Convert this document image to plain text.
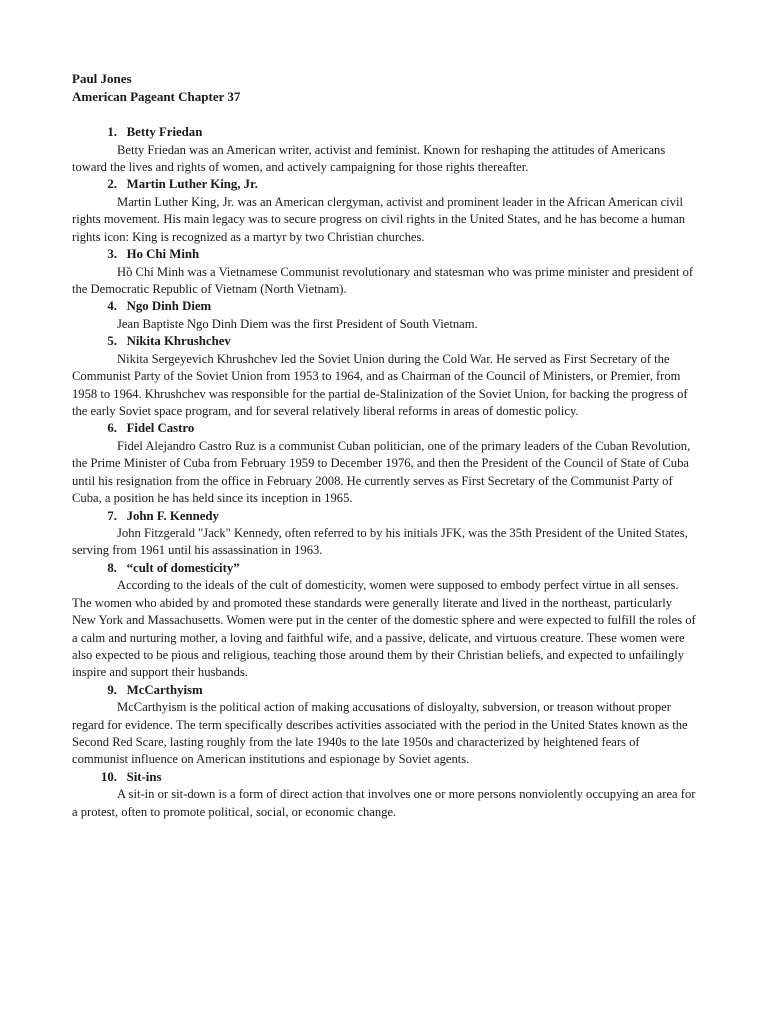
Paul Jones
American Pageant Chapter 37
1. Betty Friedan

Betty Friedan was an American writer, activist and feminist. Known for reshaping the attitudes of Americans toward the lives and rights of women, and actively campaigning for those rights thereafter.

2. Martin Luther King, Jr.

Martin Luther King, Jr. was an American clergyman, activist and prominent leader in the African American civil rights movement. His main legacy was to secure progress on civil rights in the United States, and he has become a human rights icon: King is recognized as a martyr by two Christian churches.

3. Ho Chi Minh

Hồ Chí Minh was a Vietnamese Communist revolutionary and statesman who was prime minister and president of the Democratic Republic of Vietnam (North Vietnam).

4. Ngo Dinh Diem

Jean Baptiste Ngo Dinh Diem was the first President of South Vietnam.

5. Nikita Khrushchev

Nikita Sergeyevich Khrushchev led the Soviet Union during the Cold War. He served as First Secretary of the Communist Party of the Soviet Union from 1953 to 1964, and as Chairman of the Council of Ministers, or Premier, from 1958 to 1964. Khrushchev was responsible for the partial de-Stalinization of the Soviet Union, for backing the progress of the early Soviet space program, and for several relatively liberal reforms in areas of domestic policy.

6. Fidel Castro

Fidel Alejandro Castro Ruz is a communist Cuban politician, one of the primary leaders of the Cuban Revolution, the Prime Minister of Cuba from February 1959 to December 1976, and then the President of the Council of State of Cuba until his resignation from the office in February 2008. He currently serves as First Secretary of the Communist Party of Cuba, a position he has held since its inception in 1965.

7. John F. Kennedy

John Fitzgerald "Jack" Kennedy, often referred to by his initials JFK, was the 35th President of the United States, serving from 1961 until his assassination in 1963.

8. “cult of domesticity”

According to the ideals of the cult of domesticity, women were supposed to embody perfect virtue in all senses. The women who abided by and promoted these standards were generally literate and lived in the northeast, particularly New York and Massachusetts. Women were put in the center of the domestic sphere and were expected to fulfill the roles of a calm and nurturing mother, a loving and faithful wife, and a passive, delicate, and virtuous creature. These women were also expected to be pious and religious, teaching those around them by their Christian beliefs, and expected to unfailingly inspire and support their husbands.

9. McCarthyism

McCarthyism is the political action of making accusations of disloyalty, subversion, or treason without proper regard for evidence. The term specifically describes activities associated with the period in the United States known as the Second Red Scare, lasting roughly from the late 1940s to the late 1950s and characterized by heightened fears of communist influence on American institutions and espionage by Soviet agents.

10. Sit-ins

A sit-in or sit-down is a form of direct action that involves one or more persons nonviolently occupying an area for a protest, often to promote political, social, or economic change.
